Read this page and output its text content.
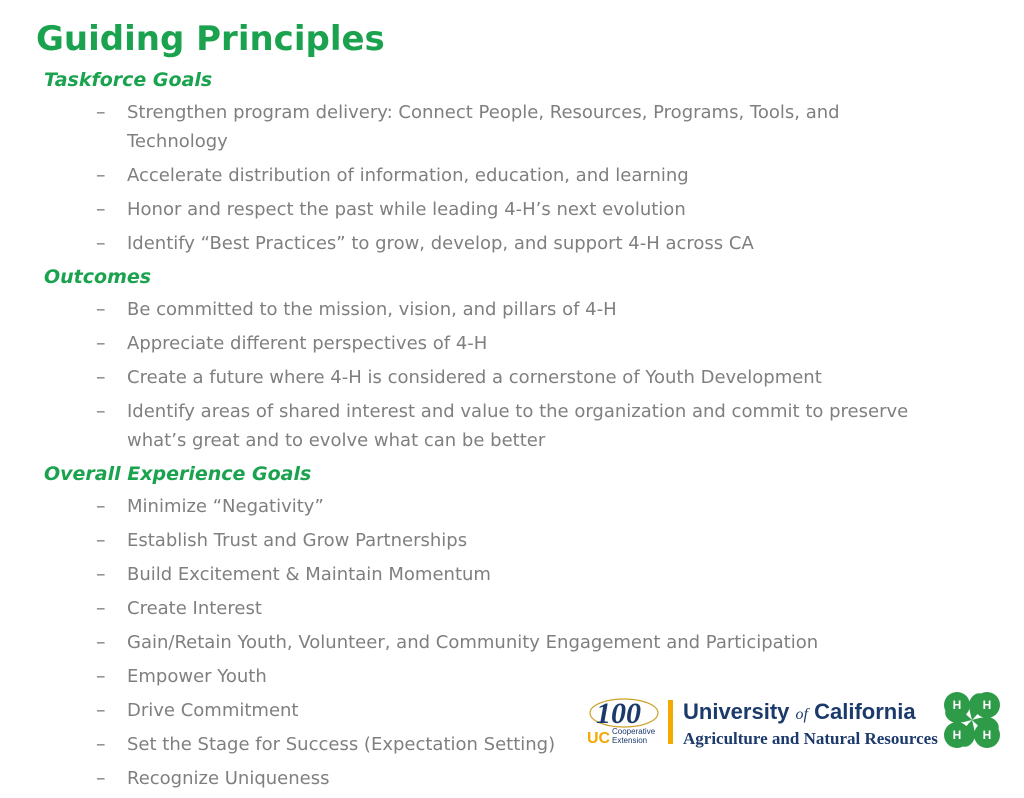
Guiding Principles
Taskforce Goals
– Strengthen program delivery: Connect People, Resources, Programs, Tools, and Technology
– Accelerate distribution of information, education, and learning
– Honor and respect the past while leading 4-H’s next evolution
– Identify “Best Practices” to grow, develop, and support 4-H across CA
Outcomes
– Be committed to the mission, vision, and pillars of 4-H
– Appreciate different perspectives of 4-H
– Create a future where 4-H is considered a cornerstone of Youth Development
– Identify areas of shared interest and value to the organization and commit to preserve what’s great and to evolve what can be better
Overall Experience Goals
– Minimize “Negativity”
– Establish Trust and Grow Partnerships
– Build Excitement & Maintain Momentum
– Create Interest
– Gain/Retain Youth, Volunteer, and Community Engagement and Participation
– Empower Youth
– Drive Commitment
– Set the Stage for Success (Expectation Setting)
– Recognize Uniqueness
100
UC Cooperative
Extension
University of California
Agriculture and Natural Resources
H H
H H
